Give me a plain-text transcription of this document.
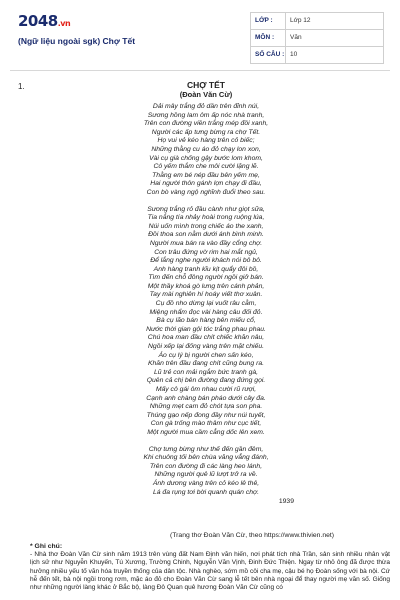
2048.vn
(Ngữ liệu ngoài sgk) Chợ Tết
LỚP :	Lớp 12
MÔN :	Văn
SỐ CÂU : 10
1.	CHỢ TẾT
(Đoàn Văn Cừ)
Dải mây trắng đỏ dần trên đỉnh núi,
Sương hồng lam ôm ấp nóc nhà tranh,
Trên con đường viền trắng mép đồi xanh,
Người các ấp tưng bừng ra chợ Tết.
Họ vui vẻ kéo hàng trên cỏ biếc;
Những thằng cu áo đỏ chạy lon xon,
Vài cụ già chống gậy bước lom khom,
Cô yếm thắm che môi cười lặng lẽ.
Thằng em bé nép đầu bên yếm mẹ,
Hai người thôn gánh lợn chạy đi đầu,
Con bò vàng ngộ nghĩnh đuổi theo sau.
Sương trắng rỏ đầu cành như giọt sữa,
Tia nắng tía nhảy hoài trong ruộng lúa,
Núi uốn mình trong chiếc áo the xanh,
Đồi thoa son nằm dưới ánh bình minh.
Người mua bán ra vào đầy cổng chợ.
Con trâu đứng vờ rim hai mắt ngủ,
Để lắng nghe người khách nói bô bô.
Anh hàng tranh kĩu kịt quẩy đôi bồ,
Tìm đến chỗ đông người ngồi giở bán.
Một thầy khoá gò lưng trên cánh phản,
Tay mài nghiên hí hoáy viết thơ xuân.
Cụ đồ nho dừng lại vuốt râu cằm,
Miệng nhẩm đọc vài hàng câu đối đỏ.
Bà cụ lão bán hàng bên miếu cổ,
Nước thời gian gội tóc trắng phau phau.
Chú hoa man đầu chít chiếc khăn nâu,
Ngồi xếp lại đống vàng trên mặt chiếu.
Áo cụ lý bị người chen sấn kéo,
Khăn trên đầu đang chít cũng bung ra.
Lũ trẻ con mải ngắm bức tranh gà,
Quên cả chị bên đường đang đứng gọi.
Mấy cô gái ôm nhau cười rũ rượi,
Cạnh anh chàng bán pháo dưới cây đa.
Những mẹt cam đỏ chót tựa son pha.
Thúng gạo nếp đong đầy như núi tuyết,
Con gà trống mào thâm như cục tiết,
Một người mua cầm cẳng dốc lên xem.
Chợ tưng bừng như thế đến gần đêm,
Khi chuông tối bên chùa văng vẳng đánh,
Trên con đường đi các làng heo lánh,
Những người quê lũ lượt trở ra về.
Ánh dương vàng trên cỏ kéo lê thê,
Lá đa rụng tơi bời quanh quán chợ.
1939
(Trang thơ Đoàn Văn Cừ, theo https://www.thivien.net)
* Ghi chú:
- Nhà thơ Đoàn Văn Cừ sinh năm 1913 trên vùng đất Nam Định văn hiến, nơi phát tích nhà Trần, sản sinh nhiều nhân vật lịch sử như Nguyễn Khuyến, Tú Xương, Trường Chinh, Nguyễn Văn Vịnh, Đinh Đức Thiện. Ngay từ nhỏ ông đã được thừa hưởng nhiều yếu tố văn hóa truyền thống của dân tộc. Nhà nghèo, sớm mồ côi cha mẹ, cậu bé họ Đoàn sống với bà nội. Cứ hễ đến tết, bà nội ngồi trong rơm, mặc áo đỏ cho Đoàn Văn Cừ sang lễ tết bên nhà ngoại để thay người mẹ văn số. Giống như những người làng khác ở Bắc bộ, làng Đô Quan quê hương Đoàn Văn Cừ cũng có
